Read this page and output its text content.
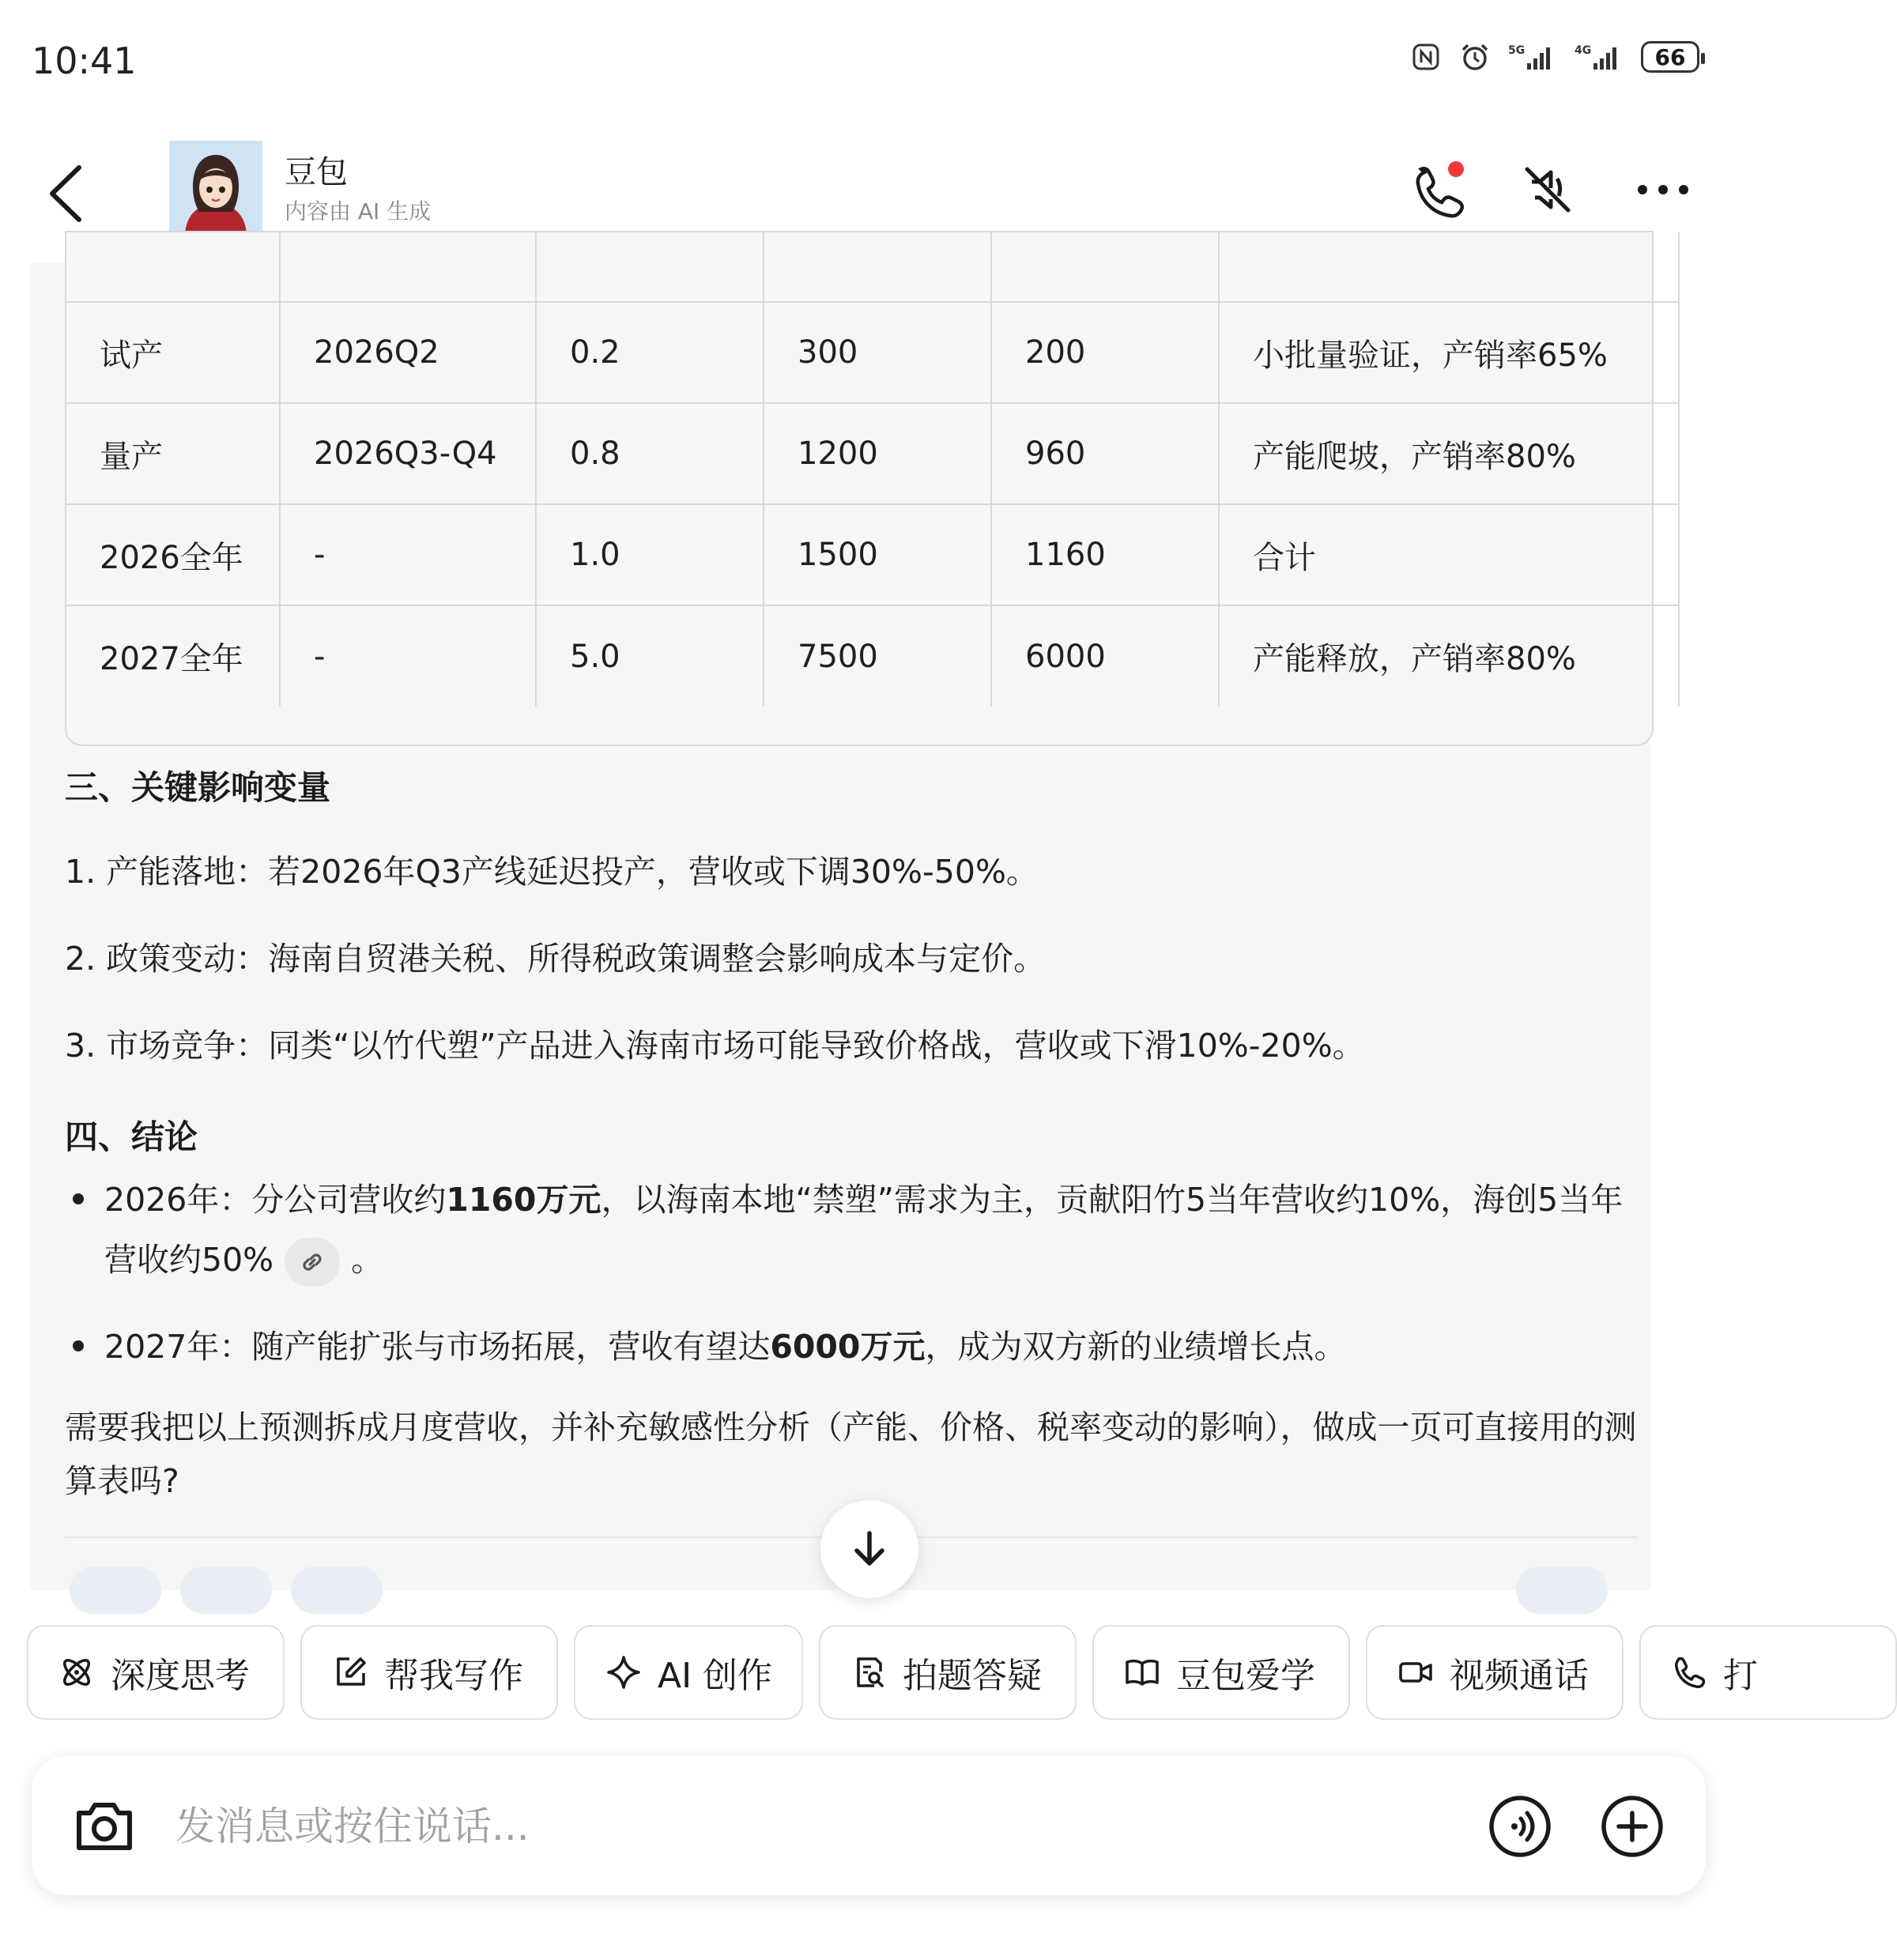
10:41	5G	4G	66
豆包
内容由 AI 生成

试产	2026Q2	0.2	300	200	小批量验证，产销率65%
量产	2026Q3-Q4	0.8	1200	960	产能爬坡，产销率80%
2026全年	-	1.0	1500	1160	合计
2027全年	-	5.0	7500	6000	产能释放，产销率80%
三、关键影响变量
1. 产能落地：若2026年Q3产线延迟投产，营收或下调30%-50%。
2. 政策变动：海南自贸港关税、所得税政策调整会影响成本与定价。
3. 市场竞争：同类“以竹代塑”产品进入海南市场可能导致价格战，营收或下滑10%-20%。
四、结论
2026年：分公司营收约1160万元，以海南本地“禁塑”需求为主，贡献阳竹5当年营收约10%，海创5当年营收约50% 。
2027年：随产能扩张与市场拓展，营收有望达6000万元，成为双方新的业绩增长点。
需要我把以上预测拆成月度营收，并补充敏感性分析（产能、价格、税率变动的影响），做成一页可直接用的测算表吗?
深度思考	帮我写作	AI 创作	拍题答疑	豆包爱学	视频通话	打
发消息或按住说话...
